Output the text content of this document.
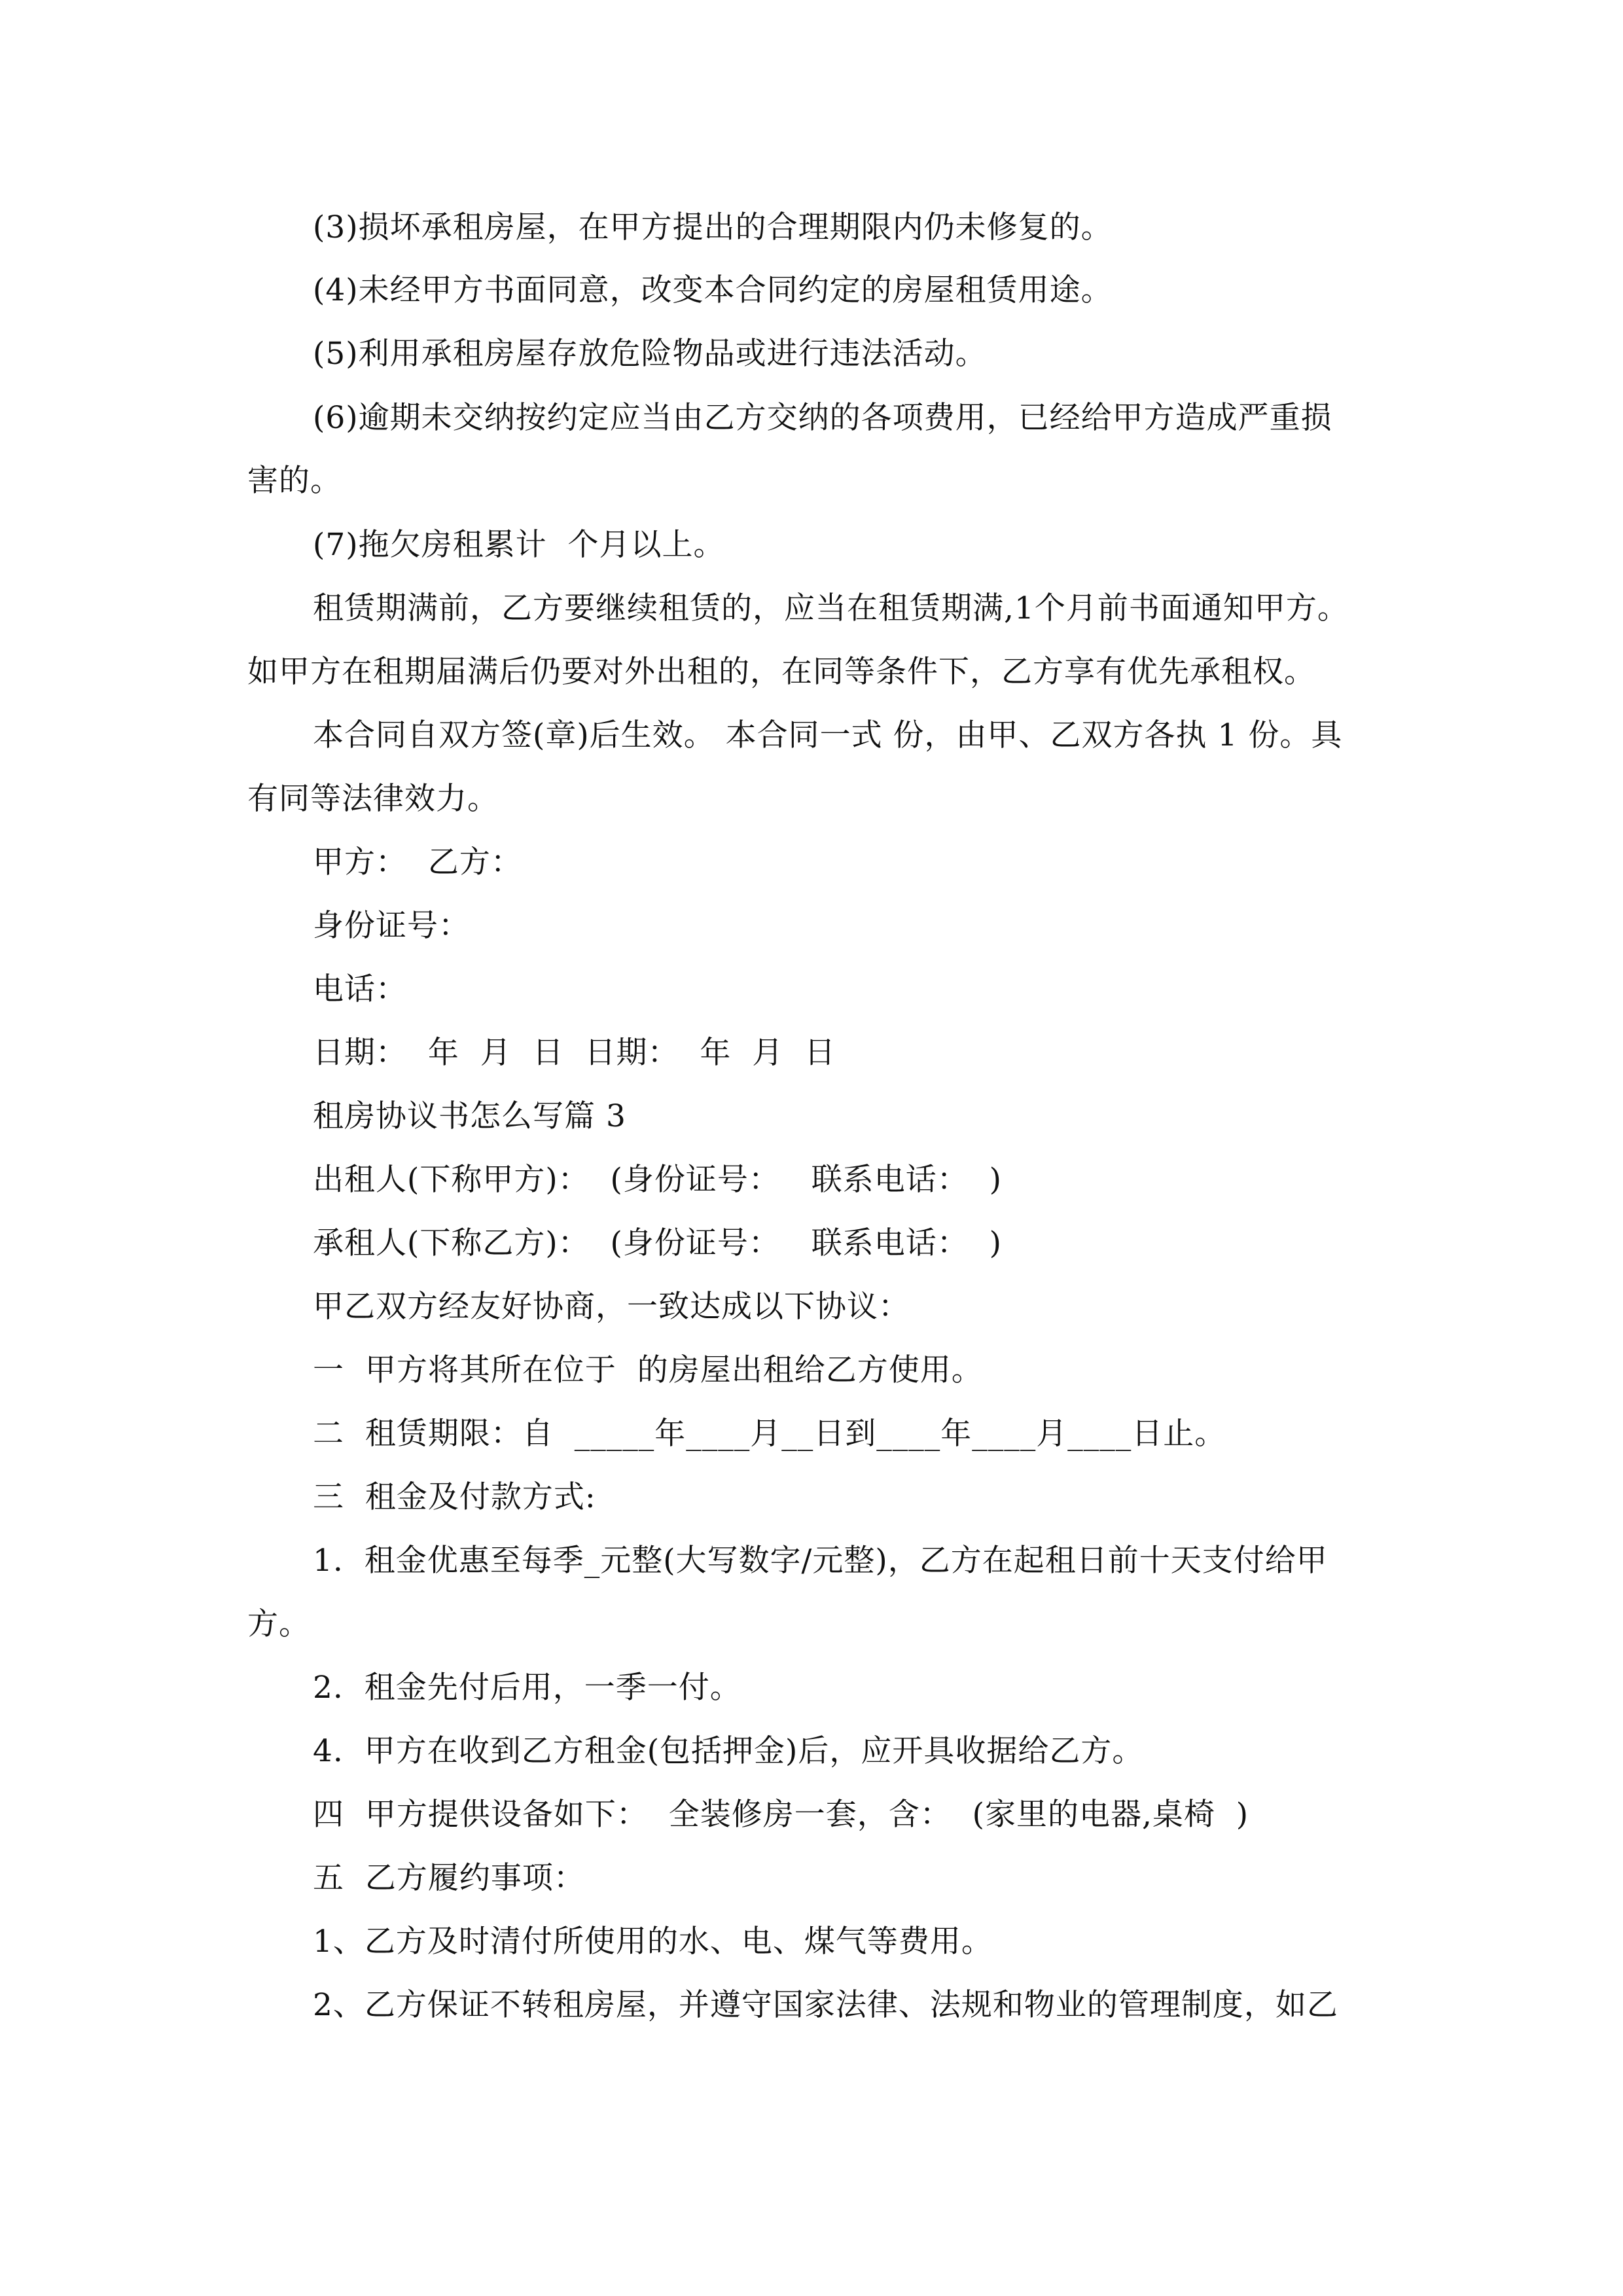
(3)损坏承租房屋，在甲方提出的合理期限内仍未修复的。
(4)未经甲方书面同意，改变本合同约定的房屋租赁用途。
(5)利用承租房屋存放危险物品或进行违法活动。
(6)逾期未交纳按约定应当由乙方交纳的各项费用，已经给甲方造成严重损
害的。
(7)拖欠房租累计  个月以上。
租赁期满前，乙方要继续租赁的，应当在租赁期满,1个月前书面通知甲方。
如甲方在租期届满后仍要对外出租的，在同等条件下，乙方享有优先承租权。
本合同自双方签(章)后生效。 本合同一式 份，由甲、乙双方各执 1 份。具
有同等法律效力。
甲方：  乙方：
身份证号：
电话：
日期：  年  月  日  日期：  年  月  日
租房协议书怎么写篇 3
出租人(下称甲方)：  (身份证号：   联系电话：  )
承租人(下称乙方)：  (身份证号：   联系电话：  )
甲乙双方经友好协商，一致达成以下协议：
一  甲方将其所在位于  的房屋出租给乙方使用。
二  租赁期限：自  _____年____月__日到____年____月____日止。
三  租金及付款方式:
1.  租金优惠至每季_元整(大写数字/元整)，乙方在起租日前十天支付给甲
方。
2.  租金先付后用，一季一付。
4.  甲方在收到乙方租金(包括押金)后，应开具收据给乙方。
四  甲方提供设备如下：  全装修房一套，含：  (家里的电器,桌椅  )
五  乙方履约事项：
1、乙方及时清付所使用的水、电、煤气等费用。
2、乙方保证不转租房屋，并遵守国家法律、法规和物业的管理制度，如乙
